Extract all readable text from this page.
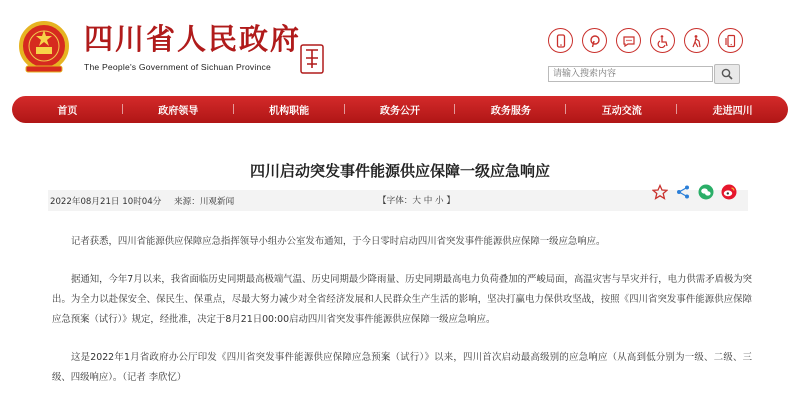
四川省人民政府
The People's Government of Sichuan Province
请输入搜索内容
首页	政府领导	机构职能	政务公开	政务服务	互动交流	走进四川
四川启动突发事件能源供应保障一级应急响应
2022年08月21日 10时04分 来源：川观新闻	【字体：大 中 小 】

记者获悉，四川省能源供应保障应急指挥领导小组办公室发布通知，于今日零时启动四川省突发事件能源供应保障一级应急响应。

据通知，今年7月以来，我省面临历史同期最高极端气温、历史同期最少降雨量、历史同期最高电力负荷叠加的严峻局面，高温灾害与旱灾并行，电力供需矛盾极为突出。为全力以赴保安全、保民生、保重点，尽最大努力减少对全省经济发展和人民群众生产生活的影响，坚决打赢电力保供攻坚战，按照《四川省突发事件能源供应保障应急预案（试行）》规定，经批准，决定于8月21日00:00启动四川省突发事件能源供应保障一级应急响应。

这是2022年1月省政府办公厅印发《四川省突发事件能源供应保障应急预案（试行）》以来，四川首次启动最高级别的应急响应（从高到低分别为一级、二级、三级、四级响应）。（记者 李欣忆）
